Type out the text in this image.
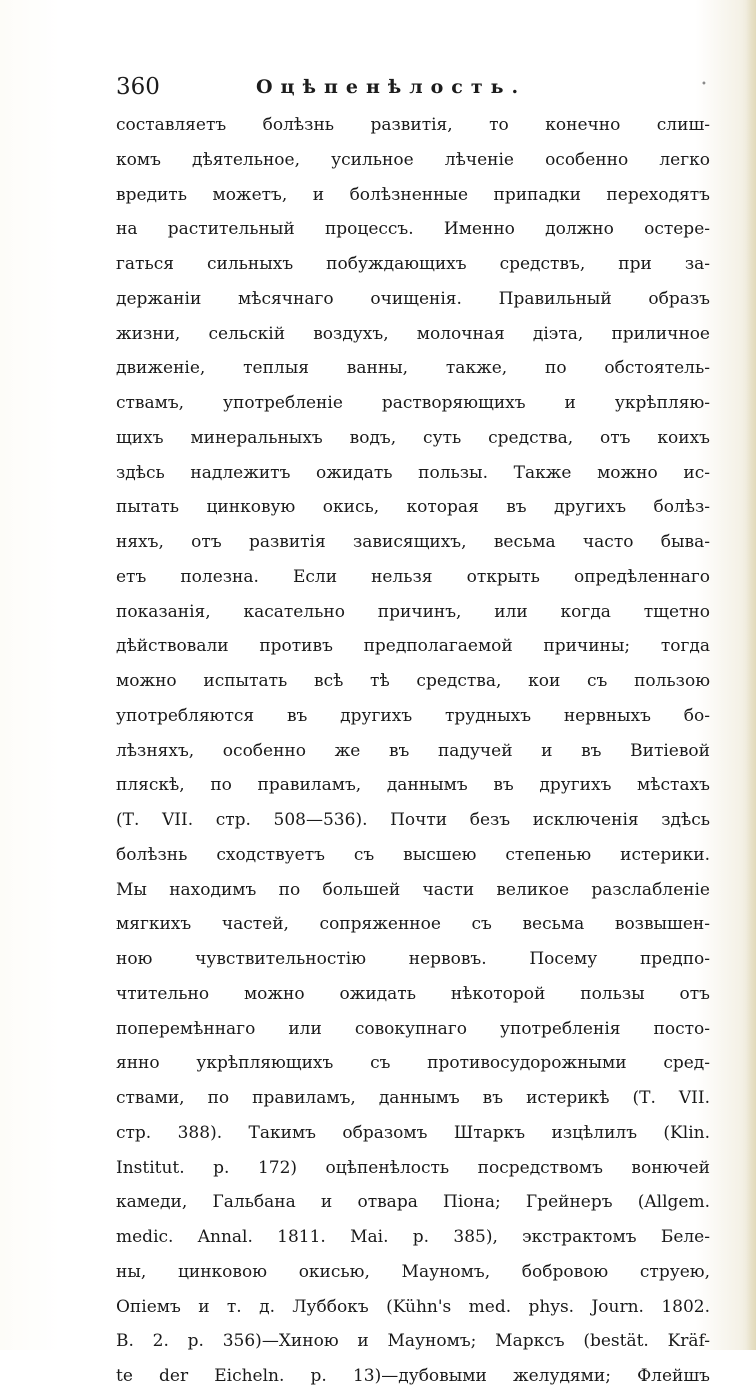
360	Оцѣпенѣлость.	•
составляетъ болѣзнь развитія, то конечно слиш-
комъ дѣятельное, усильное лѣченіе особенно легко
вредить можетъ, и болѣзненные припадки переходятъ
на растительный процессъ. Именно должно остере-
гаться сильныхъ побуждающихъ средствъ, при за-
держаніи мѣсячнаго очищенія. Правильный образъ
жизни, сельскій воздухъ, молочная діэта, приличное
движеніе, теплыя ванны, также, по обстоятель-
ствамъ, употребленіе растворяющихъ и укрѣпляю-
щихъ минеральныхъ водъ, суть средства, отъ коихъ
здѣсь надлежитъ ожидать пользы. Также можно ис-
пытать цинковую окись, которая въ другихъ болѣз-
няхъ, отъ развитія зависящихъ, весьма часто быва-
етъ полезна. Если нельзя открыть опредѣленнаго
показанія, касательно причинъ, или когда тщетно
дѣйствовали противъ предполагаемой причины; тогда
можно испытать всѣ тѣ средства, кои съ пользою
употребляются въ другихъ трудныхъ нервныхъ бо-
лѣзняхъ, особенно же въ падучей и въ Витіевой
пляскѣ, по правиламъ, даннымъ въ другихъ мѣстахъ
(Т. VII. стр. 508—536). Почти безъ исключенія здѣсь
болѣзнь сходствуетъ съ высшею степенью истерики.
Мы находимъ по большей части великое разслабленіе
мягкихъ частей, сопряженное съ весьма возвышен-
ною чувствительностію нервовъ. Посему предпо-
чтительно можно ожидать нѣкоторой пользы отъ
поперемѣннаго или совокупнаго употребленія посто-
янно укрѣпляющихъ съ противосудорожными сред-
ствами, по правиламъ, даннымъ въ истерикѣ (Т. VII.
стр. 388). Такимъ образомъ Штаркъ изцѣлилъ (Klin.
Institut. p. 172) оцѣпенѣлость посредствомъ вонючей
камеди, Гальбана и отвара Піона; Грейнеръ (Allgem.
medic. Annal. 1811. Mai. p. 385), экстрактомъ Беле-
ны, цинковою окисью, Мауномъ, бобровою струею,
Опіемъ и т. д. Луббокъ (Kühn's med. phys. Journ. 1802.
B. 2. p. 356)—Хиною и Мауномъ; Марксъ (bestät. Kräf-
te der Eicheln. p. 13)—дубовыми желудями; Флейшъ
